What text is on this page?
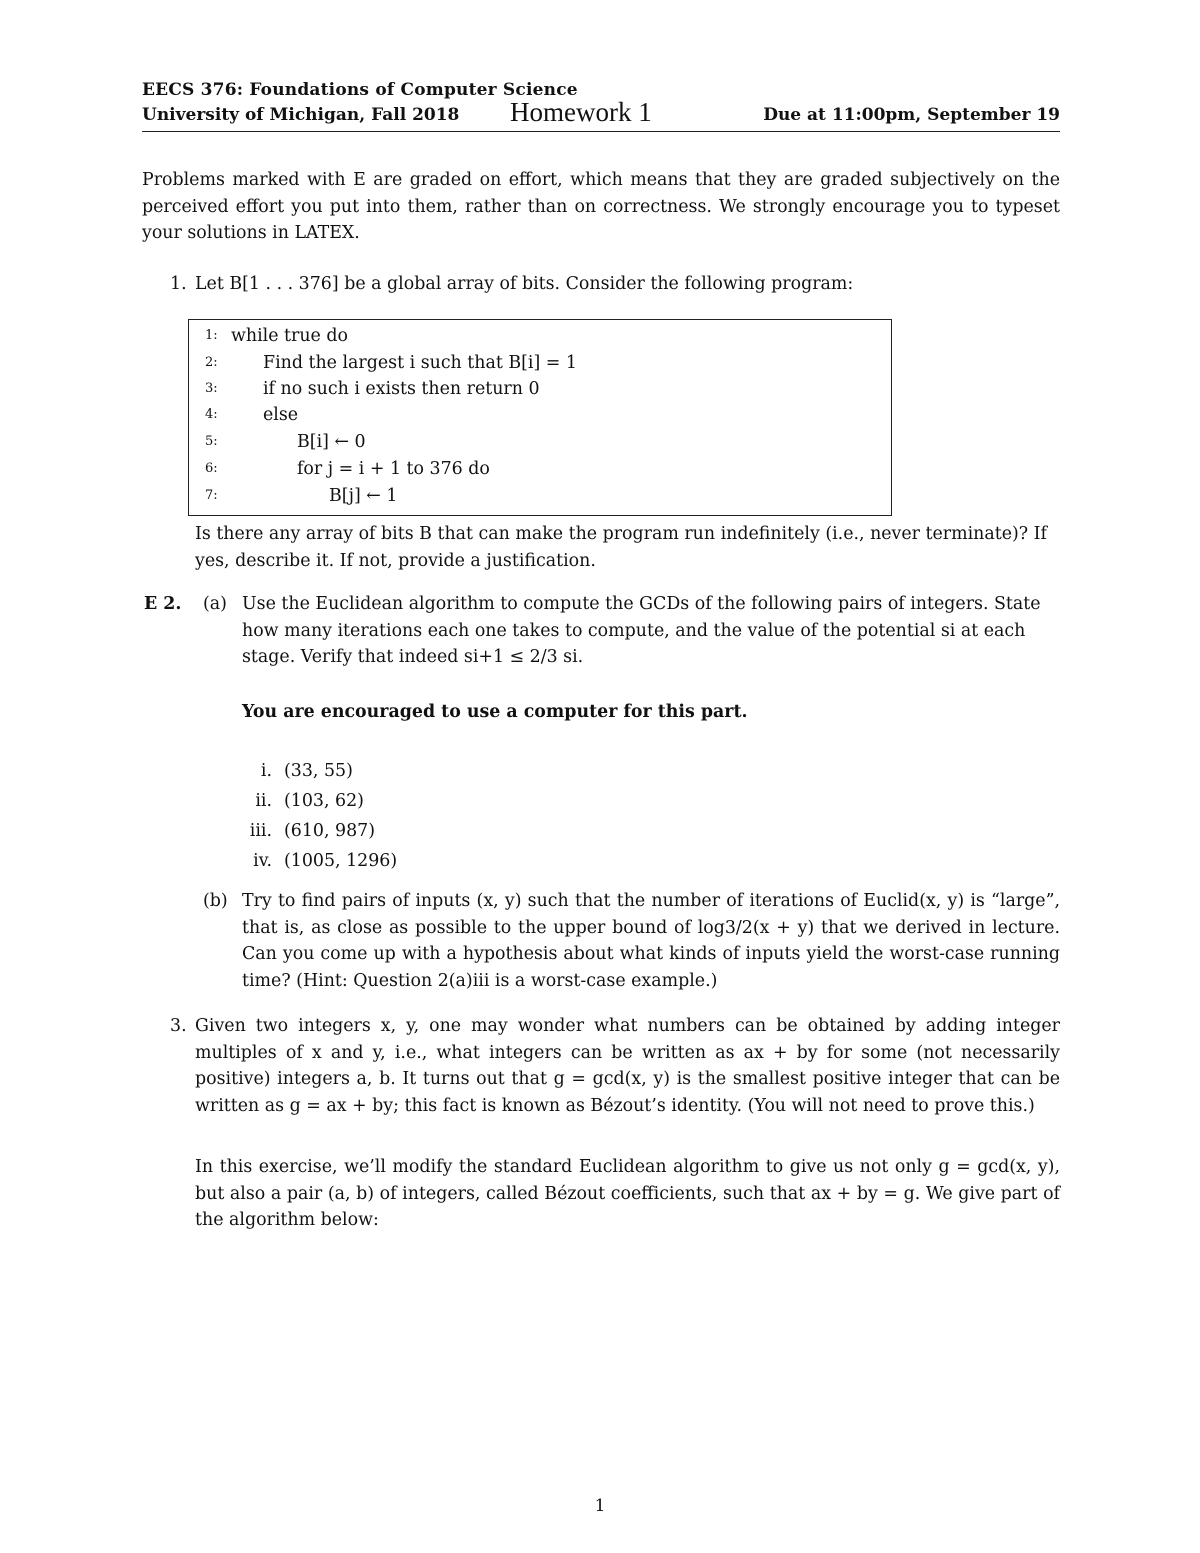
EECS 376: Foundations of Computer Science
University of Michigan, Fall 2018 Homework 1	Due at 11:00pm, September 19

Problems marked with E are graded on effort, which means that they are graded subjectively on the perceived effort you put into them, rather than on correctness. We strongly encourage you to typeset your solutions in LATEX.

1. Let B[1 . . . 376] be a global array of bits. Consider the following program:

1: while true do
2:	Find the largest i such that B[i] = 1
3:	if no such i exists then return 0
4:	else
5:	B[i] ← 0
6:	for j = i + 1 to 376 do
7:	B[j] ← 1

Is there any array of bits B that can make the program run indefinitely (i.e., never terminate)? If yes, describe it. If not, provide a justification.

E 2. (a) Use the Euclidean algorithm to compute the GCDs of the following pairs of integers. State how many iterations each one takes to compute, and the value of the potential si at each stage. Verify that indeed si+1 ≤ 2/3 si.

You are encouraged to use a computer for this part.

i. (33, 55)
ii. (103, 62)
iii. (610, 987)
iv. (1005, 1296)
(b) Try to find pairs of inputs (x, y) such that the number of iterations of Euclid(x, y) is “large”, that is, as close as possible to the upper bound of log3/2(x + y) that we derived in lecture. Can you come up with a hypothesis about what kinds of inputs yield the worst-case running time? (Hint: Question 2(a)iii is a worst-case example.)

3. Given two integers x, y, one may wonder what numbers can be obtained by adding integer multiples of x and y, i.e., what integers can be written as ax + by for some (not necessarily positive) integers a, b. It turns out that g = gcd(x, y) is the smallest positive integer that can be written as g = ax + by; this fact is known as Bézout’s identity. (You will not need to prove this.)

In this exercise, we’ll modify the standard Euclidean algorithm to give us not only g = gcd(x, y), but also a pair (a, b) of integers, called Bézout coefficients, such that ax + by = g. We give part of the algorithm below:

1
